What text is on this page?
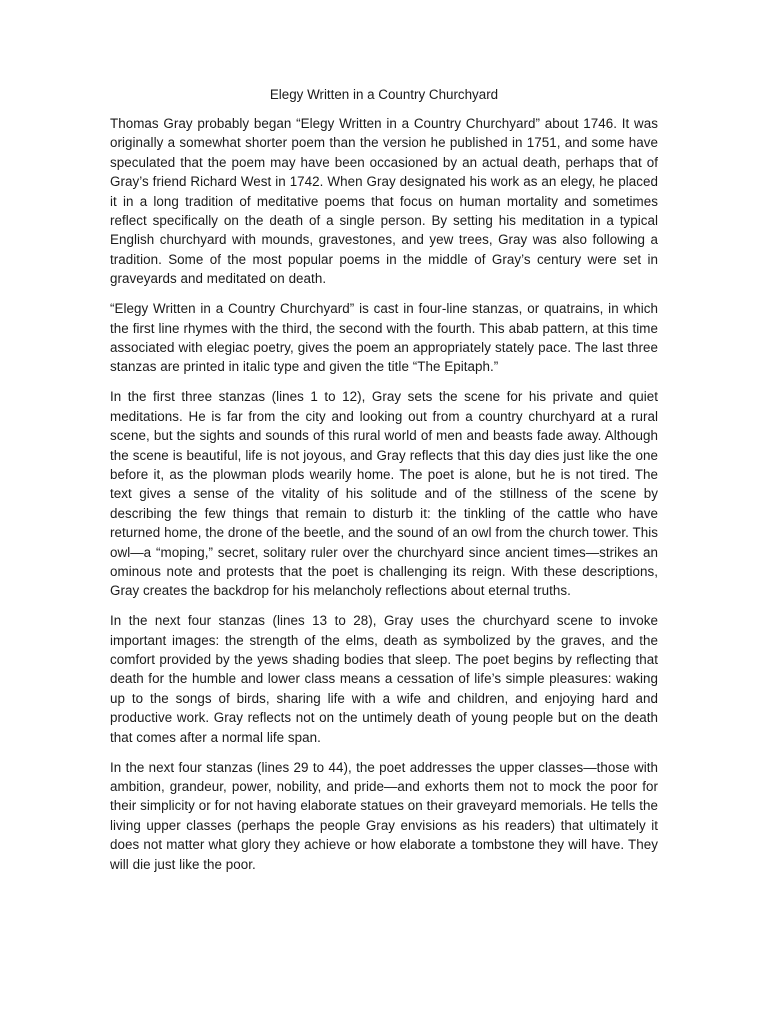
Elegy Written in a Country Churchyard

Thomas Gray probably began “Elegy Written in a Country Churchyard” about 1746. It was originally a somewhat shorter poem than the version he published in 1751, and some have speculated that the poem may have been occasioned by an actual death, perhaps that of Gray’s friend Richard West in 1742. When Gray designated his work as an elegy, he placed it in a long tradition of meditative poems that focus on human mortality and sometimes reflect specifically on the death of a single person. By setting his meditation in a typical English churchyard with mounds, gravestones, and yew trees, Gray was also following a tradition. Some of the most popular poems in the middle of Gray’s century were set in graveyards and meditated on death.

“Elegy Written in a Country Churchyard” is cast in four-line stanzas, or quatrains, in which the first line rhymes with the third, the second with the fourth. This abab pattern, at this time associated with elegiac poetry, gives the poem an appropriately stately pace. The last three stanzas are printed in italic type and given the title “The Epitaph.”

In the first three stanzas (lines 1 to 12), Gray sets the scene for his private and quiet meditations. He is far from the city and looking out from a country churchyard at a rural scene, but the sights and sounds of this rural world of men and beasts fade away. Although the scene is beautiful, life is not joyous, and Gray reflects that this day dies just like the one before it, as the plowman plods wearily home. The poet is alone, but he is not tired. The text gives a sense of the vitality of his solitude and of the stillness of the scene by describing the few things that remain to disturb it: the tinkling of the cattle who have returned home, the drone of the beetle, and the sound of an owl from the church tower. This owl—a “moping,” secret, solitary ruler over the churchyard since ancient times—strikes an ominous note and protests that the poet is challenging its reign. With these descriptions, Gray creates the backdrop for his melancholy reflections about eternal truths.

In the next four stanzas (lines 13 to 28), Gray uses the churchyard scene to invoke important images: the strength of the elms, death as symbolized by the graves, and the comfort provided by the yews shading bodies that sleep. The poet begins by reflecting that death for the humble and lower class means a cessation of life’s simple pleasures: waking up to the songs of birds, sharing life with a wife and children, and enjoying hard and productive work. Gray reflects not on the untimely death of young people but on the death that comes after a normal life span.

In the next four stanzas (lines 29 to 44), the poet addresses the upper classes—those with ambition, grandeur, power, nobility, and pride—and exhorts them not to mock the poor for their simplicity or for not having elaborate statues on their graveyard memorials. He tells the living upper classes (perhaps the people Gray envisions as his readers) that ultimately it does not matter what glory they achieve or how elaborate a tombstone they will have. They will die just like the poor.
